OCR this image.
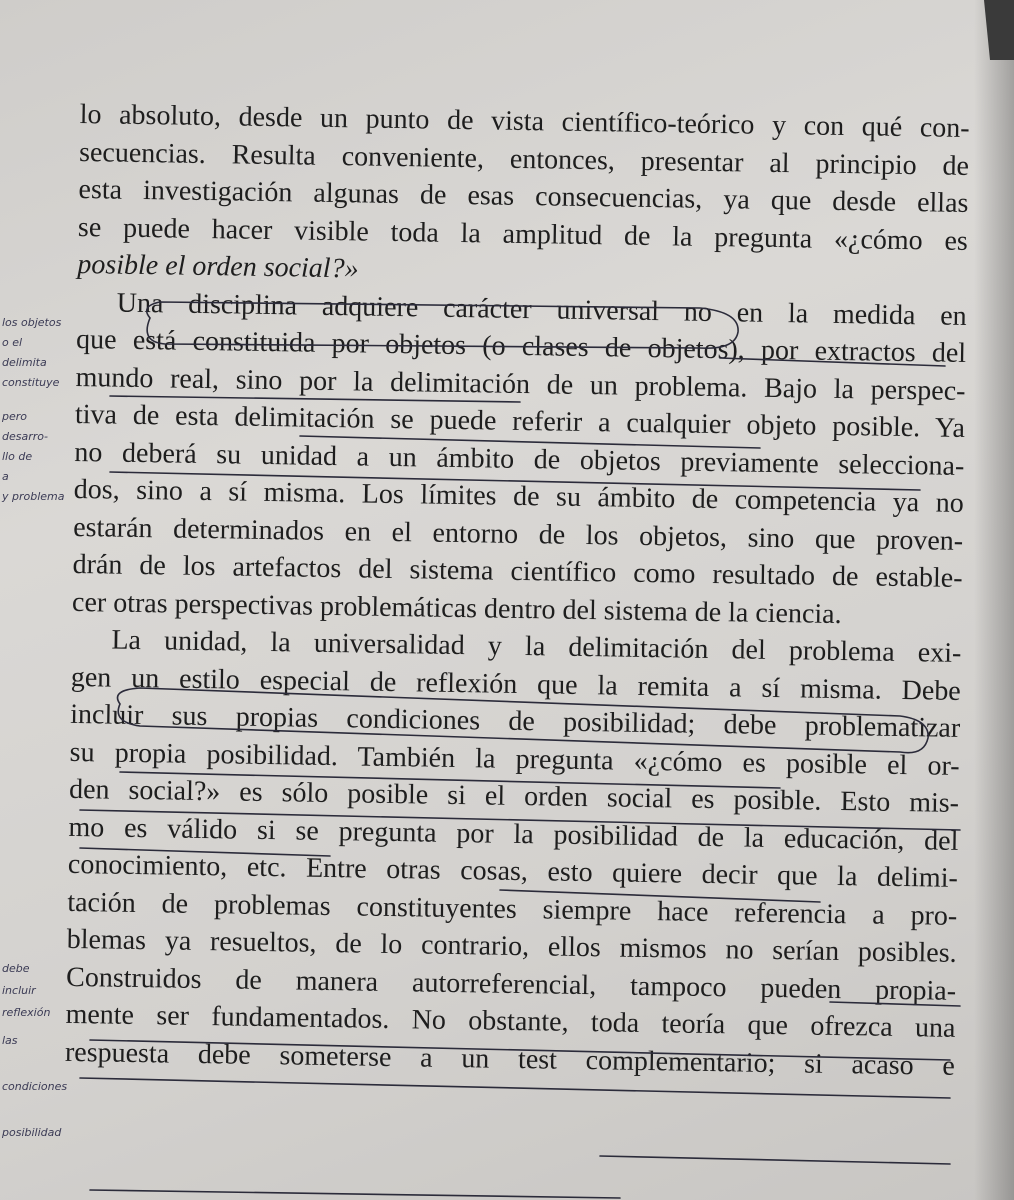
lo absoluto, desde un punto de vista científico-teórico y con qué con-
secuencias. Resulta conveniente, entonces, presentar al principio de
esta investigación algunas de esas consecuencias, ya que desde ellas
se puede hacer visible toda la amplitud de la pregunta «¿cómo es
posible el orden social?»
Una disciplina adquiere carácter universal no en la medida en
que está constituida por objetos (o clases de objetos), por extractos del
mundo real, sino por la delimitación de un problema. Bajo la perspec-
tiva de esta delimitación se puede referir a cualquier objeto posible. Ya
no deberá su unidad a un ámbito de objetos previamente selecciona-
dos, sino a sí misma. Los límites de su ámbito de competencia ya no
estarán determinados en el entorno de los objetos, sino que proven-
drán de los artefactos del sistema científico como resultado de estable-
cer otras perspectivas problemáticas dentro del sistema de la ciencia.
La unidad, la universalidad y la delimitación del problema exi-
gen un estilo especial de reflexión que la remita a sí misma. Debe
incluir sus propias condiciones de posibilidad; debe problematizar
su propia posibilidad. También la pregunta «¿cómo es posible el or-
den social?» es sólo posible si el orden social es posible. Esto mis-
mo es válido si se pregunta por la posibilidad de la educación, del
conocimiento, etc. Entre otras cosas, esto quiere decir que la delimi-
tación de problemas constituyentes siempre hace referencia a pro-
blemas ya resueltos, de lo contrario, ellos mismos no serían posibles.
Construidos de manera autorreferencial, tampoco pueden propia-
mente ser fundamentados. No obstante, toda teoría que ofrezca una
respuesta debe someterse a un test complementario; si acaso e
los objetos
o el
delimita
constituye
pero
desarro-
llo de
a
y problema
debe
incluir
reflexión
las
condiciones
posibilidad
